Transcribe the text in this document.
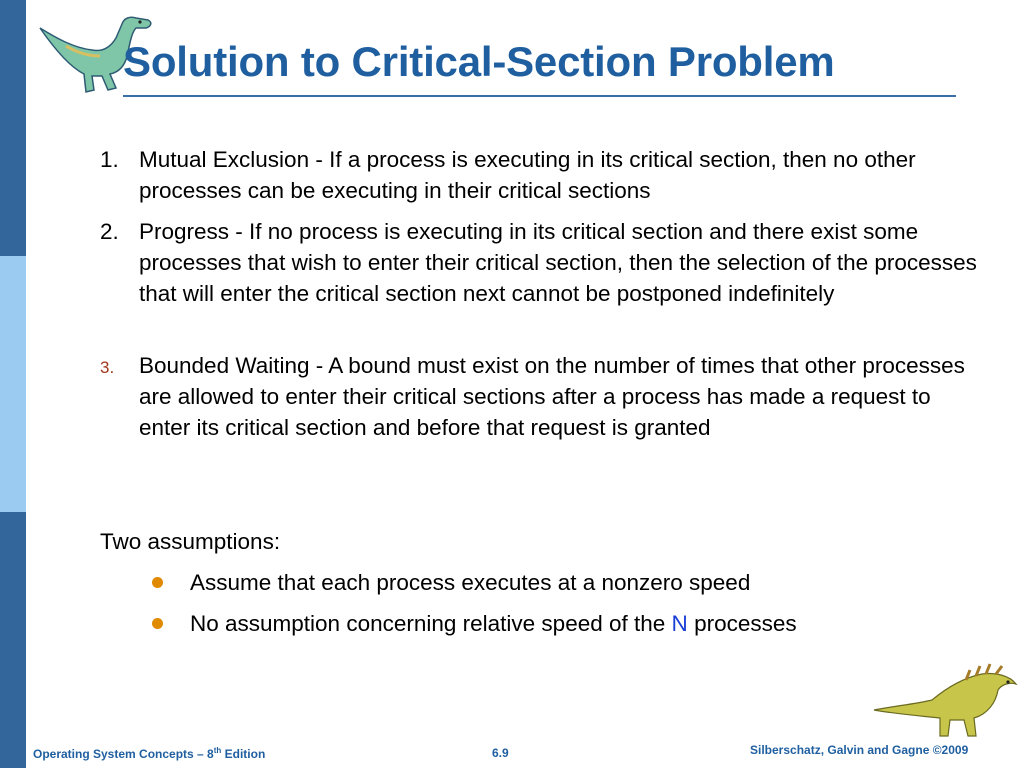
Solution to Critical-Section Problem
1. Mutual Exclusion - If a process is executing in its critical section, then no other processes can be executing in their critical sections
2. Progress - If no process is executing in its critical section and there exist some processes that wish to enter their critical section, then the selection of the processes that will enter the critical section next cannot be postponed indefinitely
3.	Bounded Waiting - A bound must exist on the number of times that other processes are allowed to enter their critical sections after a process has made a request to enter its critical section and before that request is granted
Two assumptions:
Assume that each process executes at a nonzero speed
No assumption concerning relative speed of the N processes
Operating System Concepts – 8th Edition	6.9	Silberschatz, Galvin and Gagne ©2009
